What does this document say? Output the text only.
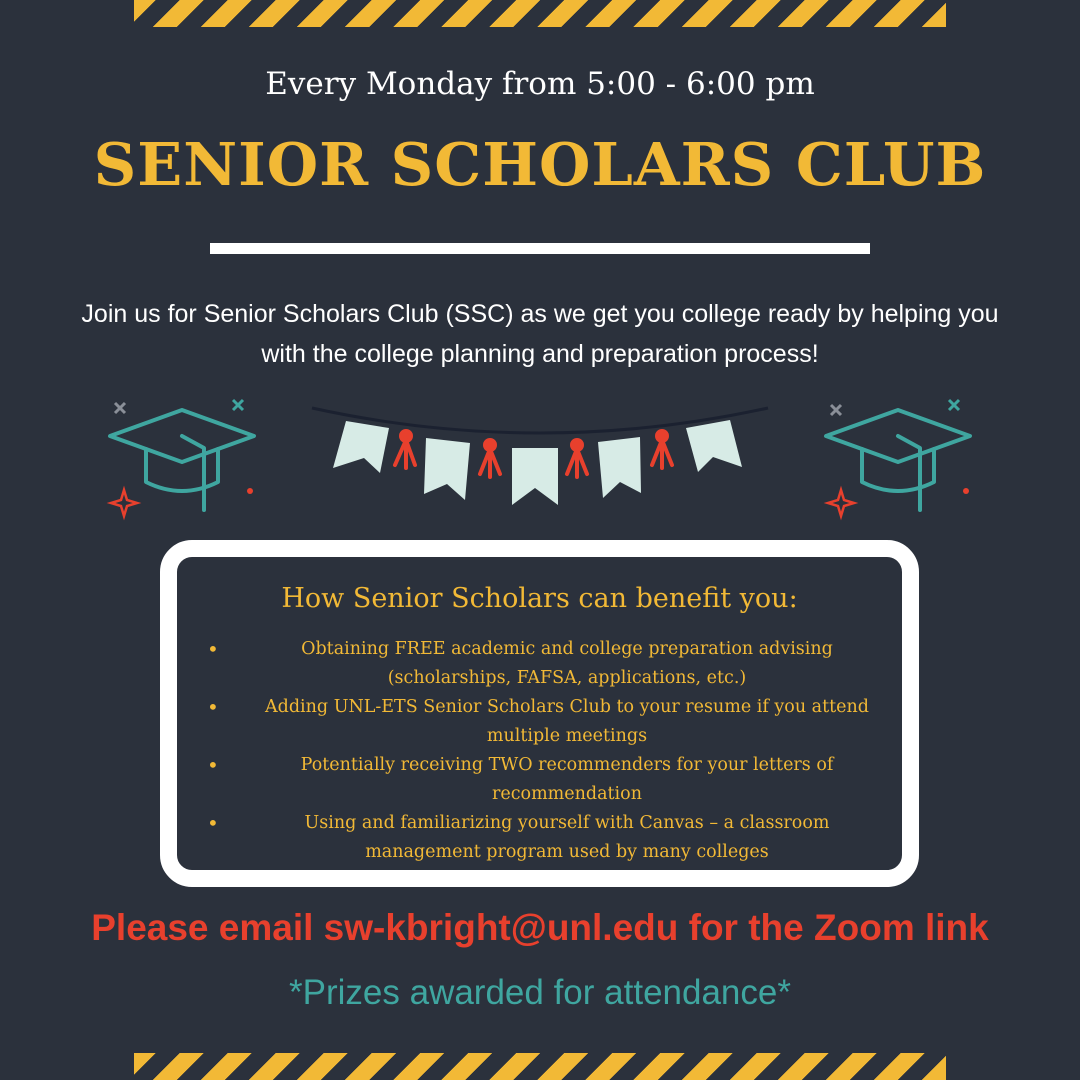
Every Monday from 5:00 - 6:00 pm
SENIOR SCHOLARS CLUB
Join us for Senior Scholars Club (SSC) as we get you college ready by helping you with the college planning and preparation process!
How Senior Scholars can benefit you:
• Obtaining FREE academic and college preparation advising (scholarships, FAFSA, applications, etc.)
• Adding UNL-ETS Senior Scholars Club to your resume if you attend multiple meetings
• Potentially receiving TWO recommenders for your letters of recommendation
• Using and familiarizing yourself with Canvas – a classroom management program used by many colleges
Please email sw-kbright@unl.edu for the Zoom link
*Prizes awarded for attendance*
